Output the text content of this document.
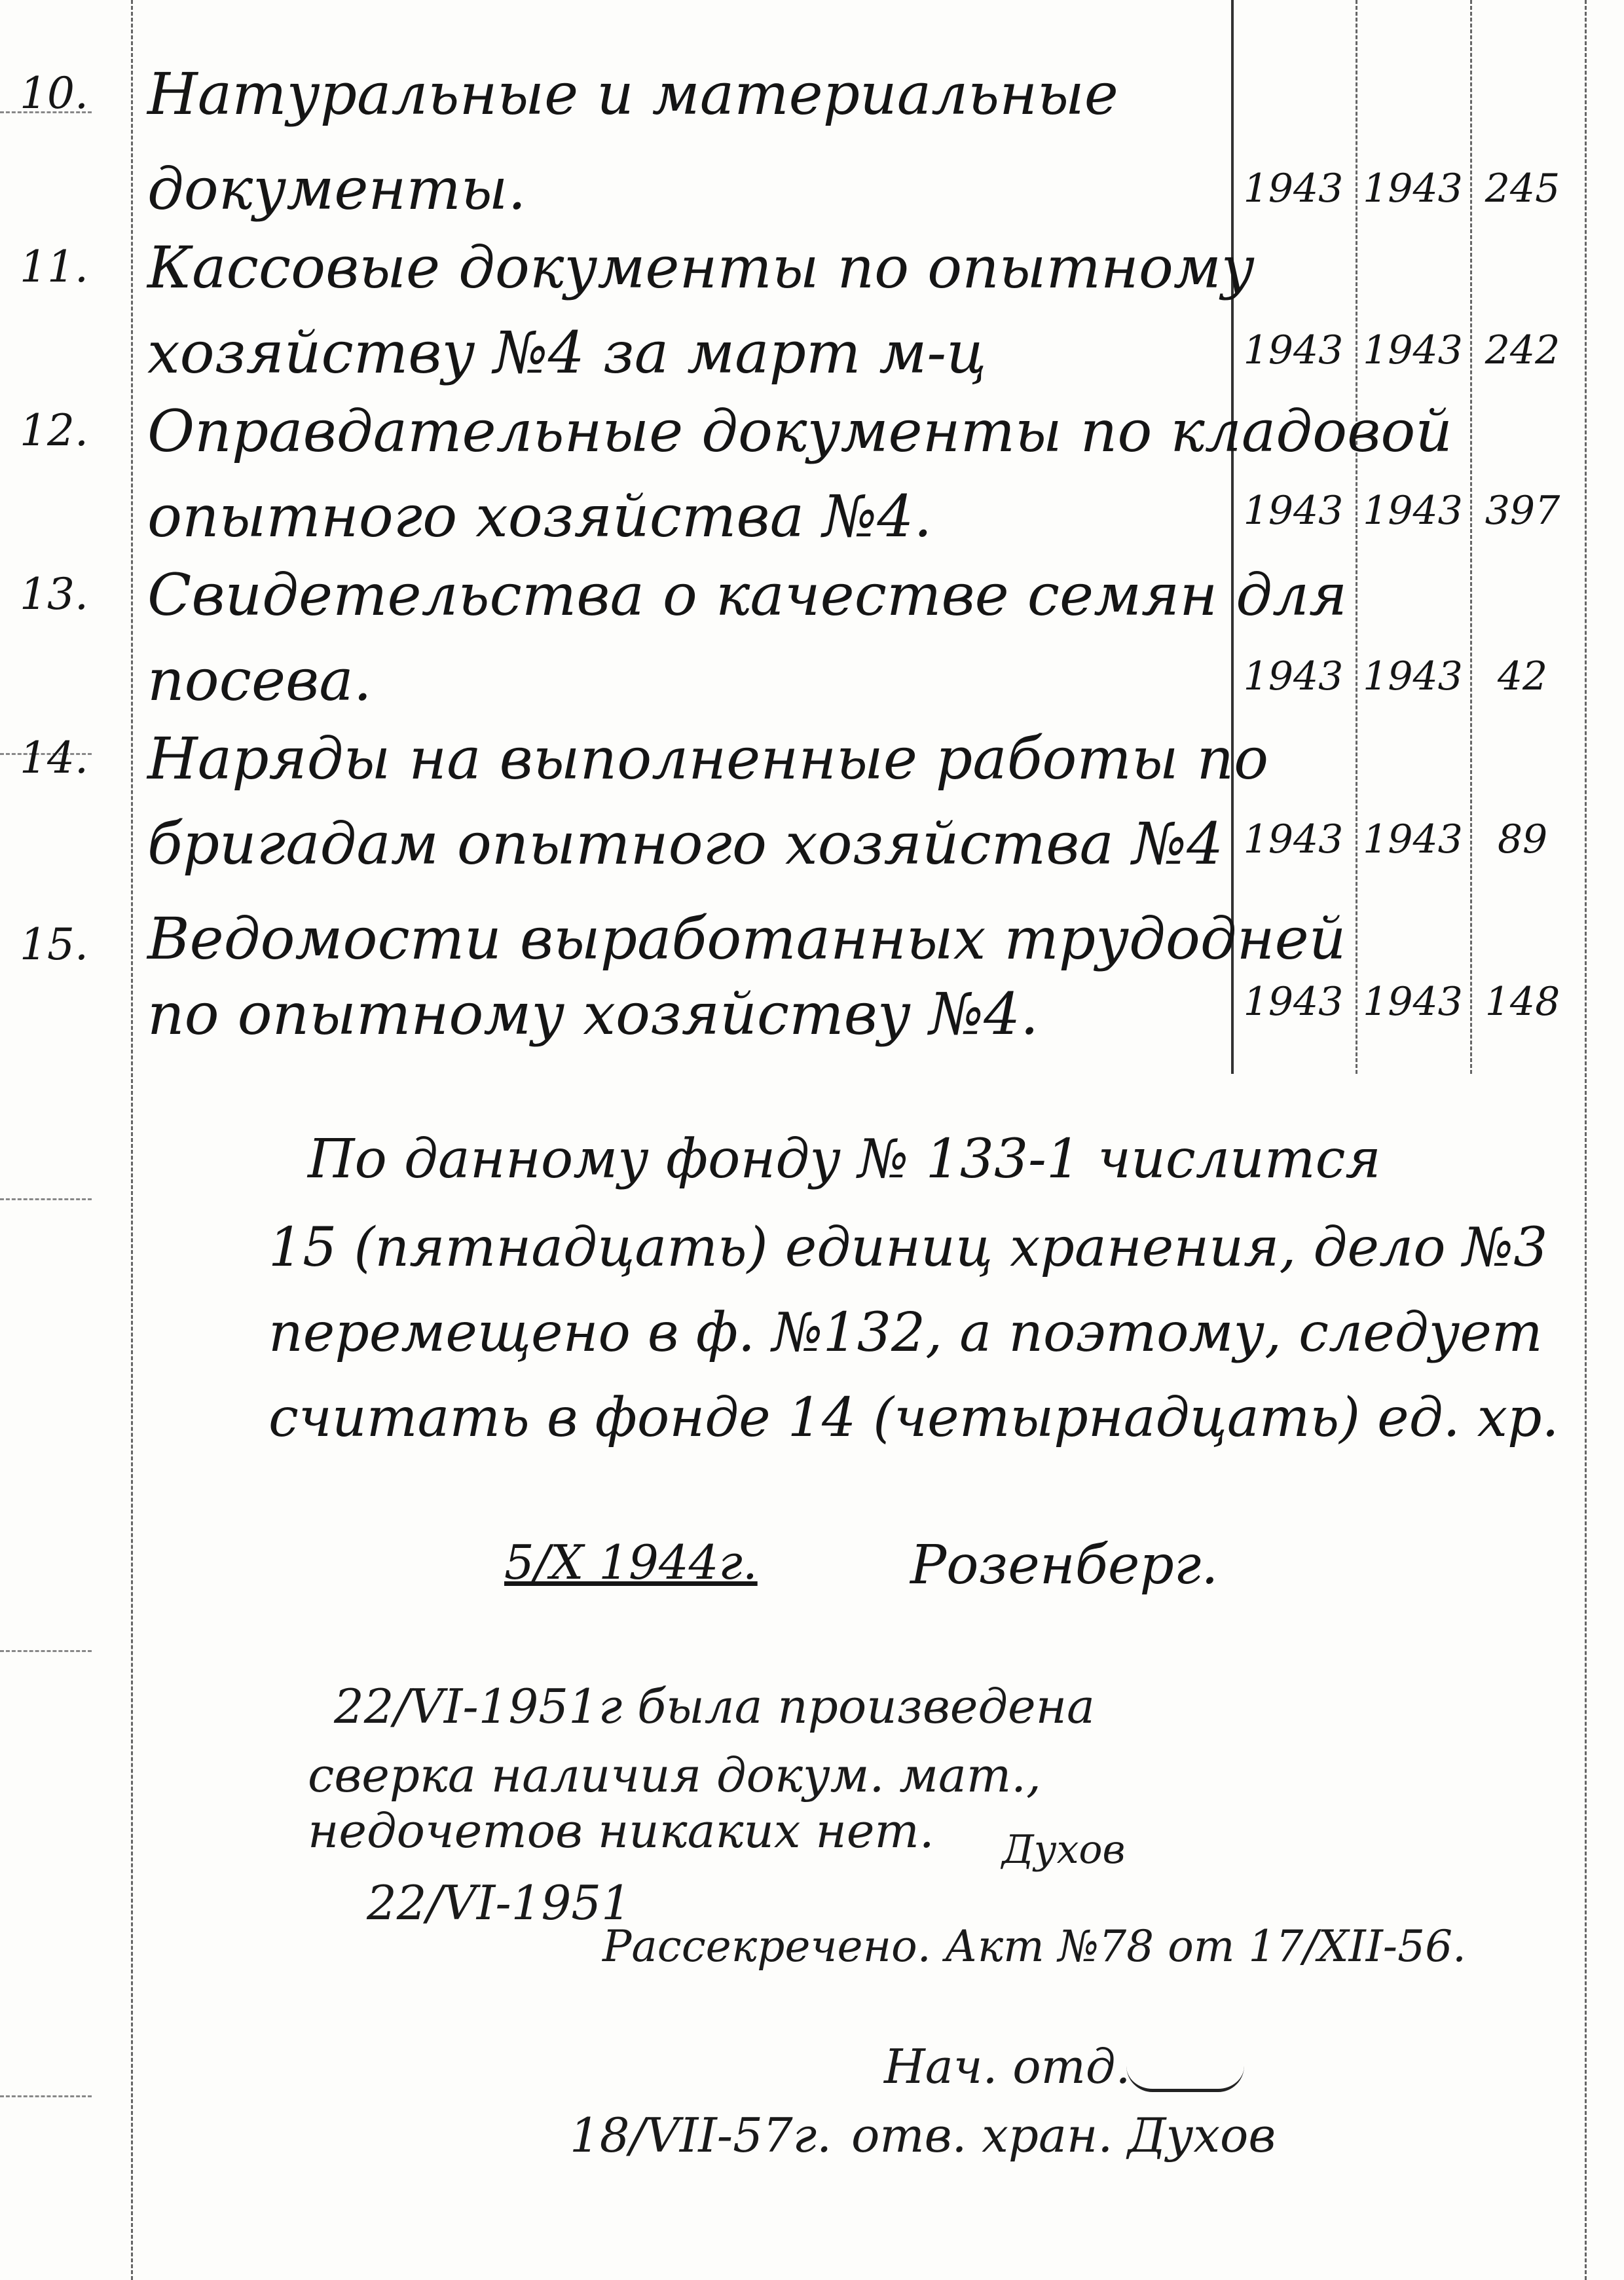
10.	Натуральные и материальные
документы.	1943 1943 245
11.	Кассовые документы по опытному
хозяйству №4 за март м-ц	1943 1943 242
12.	Оправдательные документы по кладовой
опытного хозяйства №4.	1943 1943 397
13.	Свидетельства о качестве семян для
посева.	1943 1943 42
14.	Наряды на выполненные работы по
бригадам опытного хозяйства №4 1943 1943 89
15.	Ведомости выработанных трудодней
по опытному хозяйству №4.	1943 1943 148
По данному фонду № 133-1 числится
15 (пятнадцать) единиц хранения, дело №3
перемещено в ф. №132, а поэтому, следует
считать в фонде 14 (четырнадцать) ед. хр.
5/X 1944г.	Розенберг.
22/VI-1951г была произведена
сверка наличия докум. мат.,
недочетов никаких нет. Духов
22/VI-1951
Рассекречено. Акт №78 от 17/XII-56.
Нач. отд.
18/VII-57г. отв. хран. Духов
